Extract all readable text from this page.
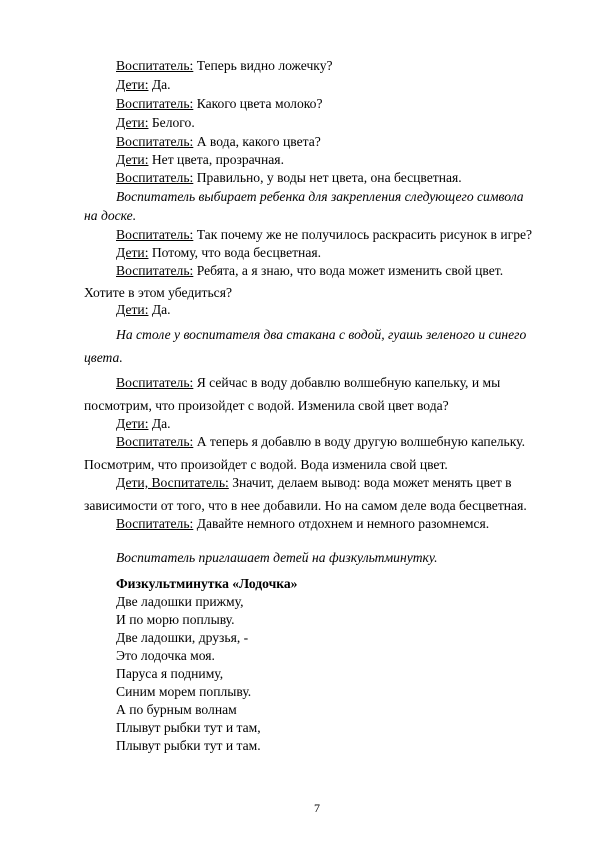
Воспитатель: Теперь видно ложечку?
Дети: Да.
Воспитатель: Какого цвета молоко?
Дети: Белого.
Воспитатель: А вода, какого цвета?
Дети: Нет цвета, прозрачная.
Воспитатель: Правильно, у воды нет цвета, она бесцветная.
Воспитатель выбирает ребенка для закрепления следующего символа
на доске.
Воспитатель: Так почему же не получилось раскрасить рисунок в игре?
Дети: Потому, что вода бесцветная.
Воспитатель: Ребята, а я знаю, что вода может изменить свой цвет.
Хотите в этом убедиться?
Дети: Да.
На столе у воспитателя два стакана с водой, гуашь зеленого и синего
цвета.
Воспитатель: Я сейчас в воду добавлю волшебную капельку, и мы
посмотрим, что произойдет с водой. Изменила свой цвет вода?
Дети: Да.
Воспитатель: А теперь я добавлю в воду другую волшебную капельку.
Посмотрим, что произойдет с водой. Вода изменила свой цвет.
Дети, Воспитатель: Значит, делаем вывод: вода может менять цвет в
зависимости от того, что в нее добавили. Но на самом деле вода бесцветная.
Воспитатель: Давайте немного отдохнем и немного разомнемся.
Воспитатель приглашает детей на физкультминутку.
Физкультминутка «Лодочка»
Две ладошки прижму,
И по морю поплыву.
Две ладошки, друзья, -
Это лодочка моя.
Паруса я подниму,
Синим морем поплыву.
А по бурным волнам
Плывут рыбки тут и там,
Плывут рыбки тут и там.
7
